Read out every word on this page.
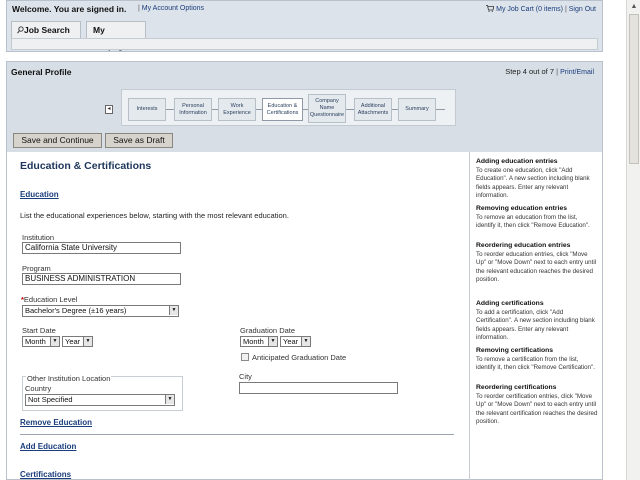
Welcome. You are signed in. | My Account Options	My Job Cart (0 items) | Sign Out
Job Search	My
General Profile	Step 4 out of 7 | Print/Email
◂	Interests
Personal Information
Work Experience
Education & Certifications
Company Name Questionnaire
Additional Attachments
Summary
Save and Continue	Save as Draft
Education & Certifications
Education
List the educational experiences below, starting with the most relevant education.
Institution
California State University
Program
BUSINESS ADMINISTRATION
*Education Level
Bachelor's Degree (±16 years)	▼
Start Date
Month	▼	Year	▼
Graduation Date
Month	▼	Year	▼
Anticipated Graduation Date
Other Institution Location
Country
Not Specified	▼
City
Remove Education
Add Education
Certifications
Adding education entries
To create one education, click "Add Education". A new section including blank fields appears. Enter any relevant information.
Removing education entries
To remove an education from the list, identify it, then click "Remove Education".
Reordering education entries
To reorder education entries, click "Move Up" or "Move Down" next to each entry until the relevant education reaches the desired position.
Adding certifications
To add a certification, click "Add Certification". A new section including blank fields appears. Enter any relevant information.
Removing certifications
To remove a certification from the list, identify it, then click "Remove Certification".
Reordering certifications
To reorder certification entries, click "Move Up" or "Move Down" next to each entry until the relevant certification reaches the desired position.
▲
